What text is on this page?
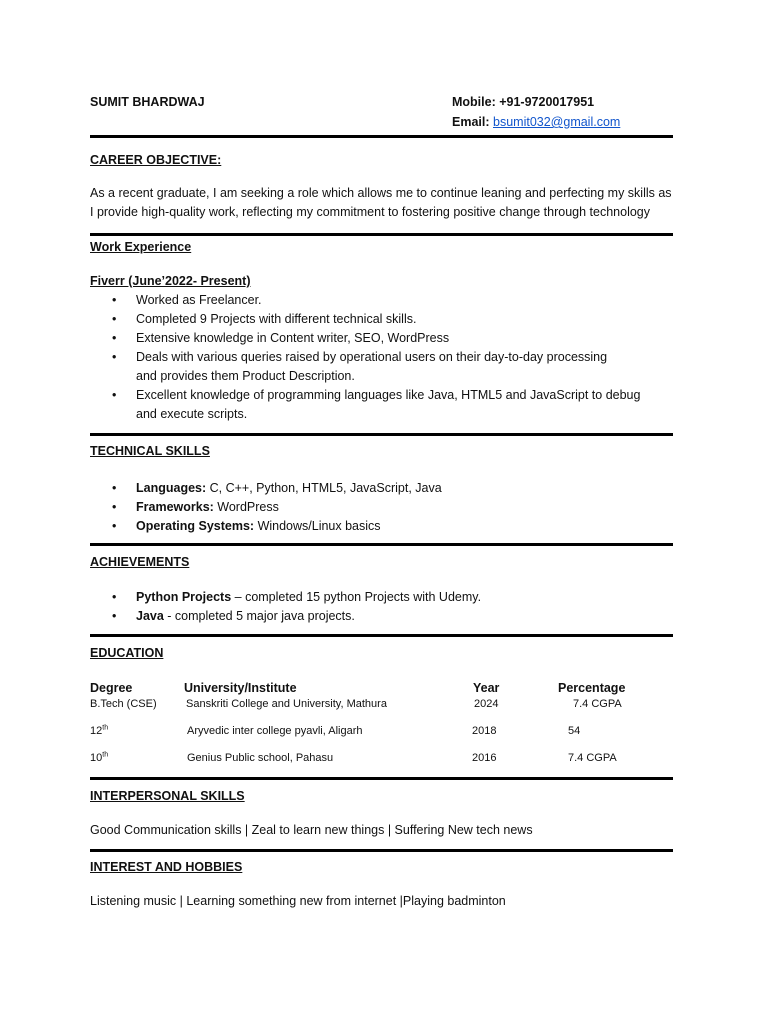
SUMIT BHARDWAJ	Mobile: +91-9720017951
Email: bsumit032@gmail.com
CAREER OBJECTIVE:
As a recent graduate, I am seeking a role which allows me to continue leaning and perfecting my skills as
I provide high-quality work, reflecting my commitment to fostering positive change through technology
Work Experience
Fiverr (June’2022- Present)
• Worked as Freelancer.
• Completed 9 Projects with different technical skills.
• Extensive knowledge in Content writer, SEO, WordPress
• Deals with various queries raised by operational users on their day-to-day processing and provides them Product Description.
• Excellent knowledge of programming languages like Java, HTML5 and JavaScript to debug and execute scripts.
TECHNICAL SKILLS
• Languages: C, C++, Python, HTML5, JavaScript, Java
• Frameworks: WordPress
• Operating Systems: Windows/Linux basics
ACHIEVEMENTS
• Python Projects – completed 15 python Projects with Udemy.
• Java - completed 5 major java projects.
EDUCATION
Degree	University/Institute	Year	Percentage
B.Tech (CSE)	Sanskriti College and University, Mathura	2024	7.4 CGPA
12th	Aryvedic inter college pyavli, Aligarh	2018	54
10th	Genius Public school, Pahasu	2016	7.4 CGPA
INTERPERSONAL SKILLS
Good Communication skills | Zeal to learn new things | Suffering New tech news
INTEREST AND HOBBIES
Listening music | Learning something new from internet |Playing badminton
